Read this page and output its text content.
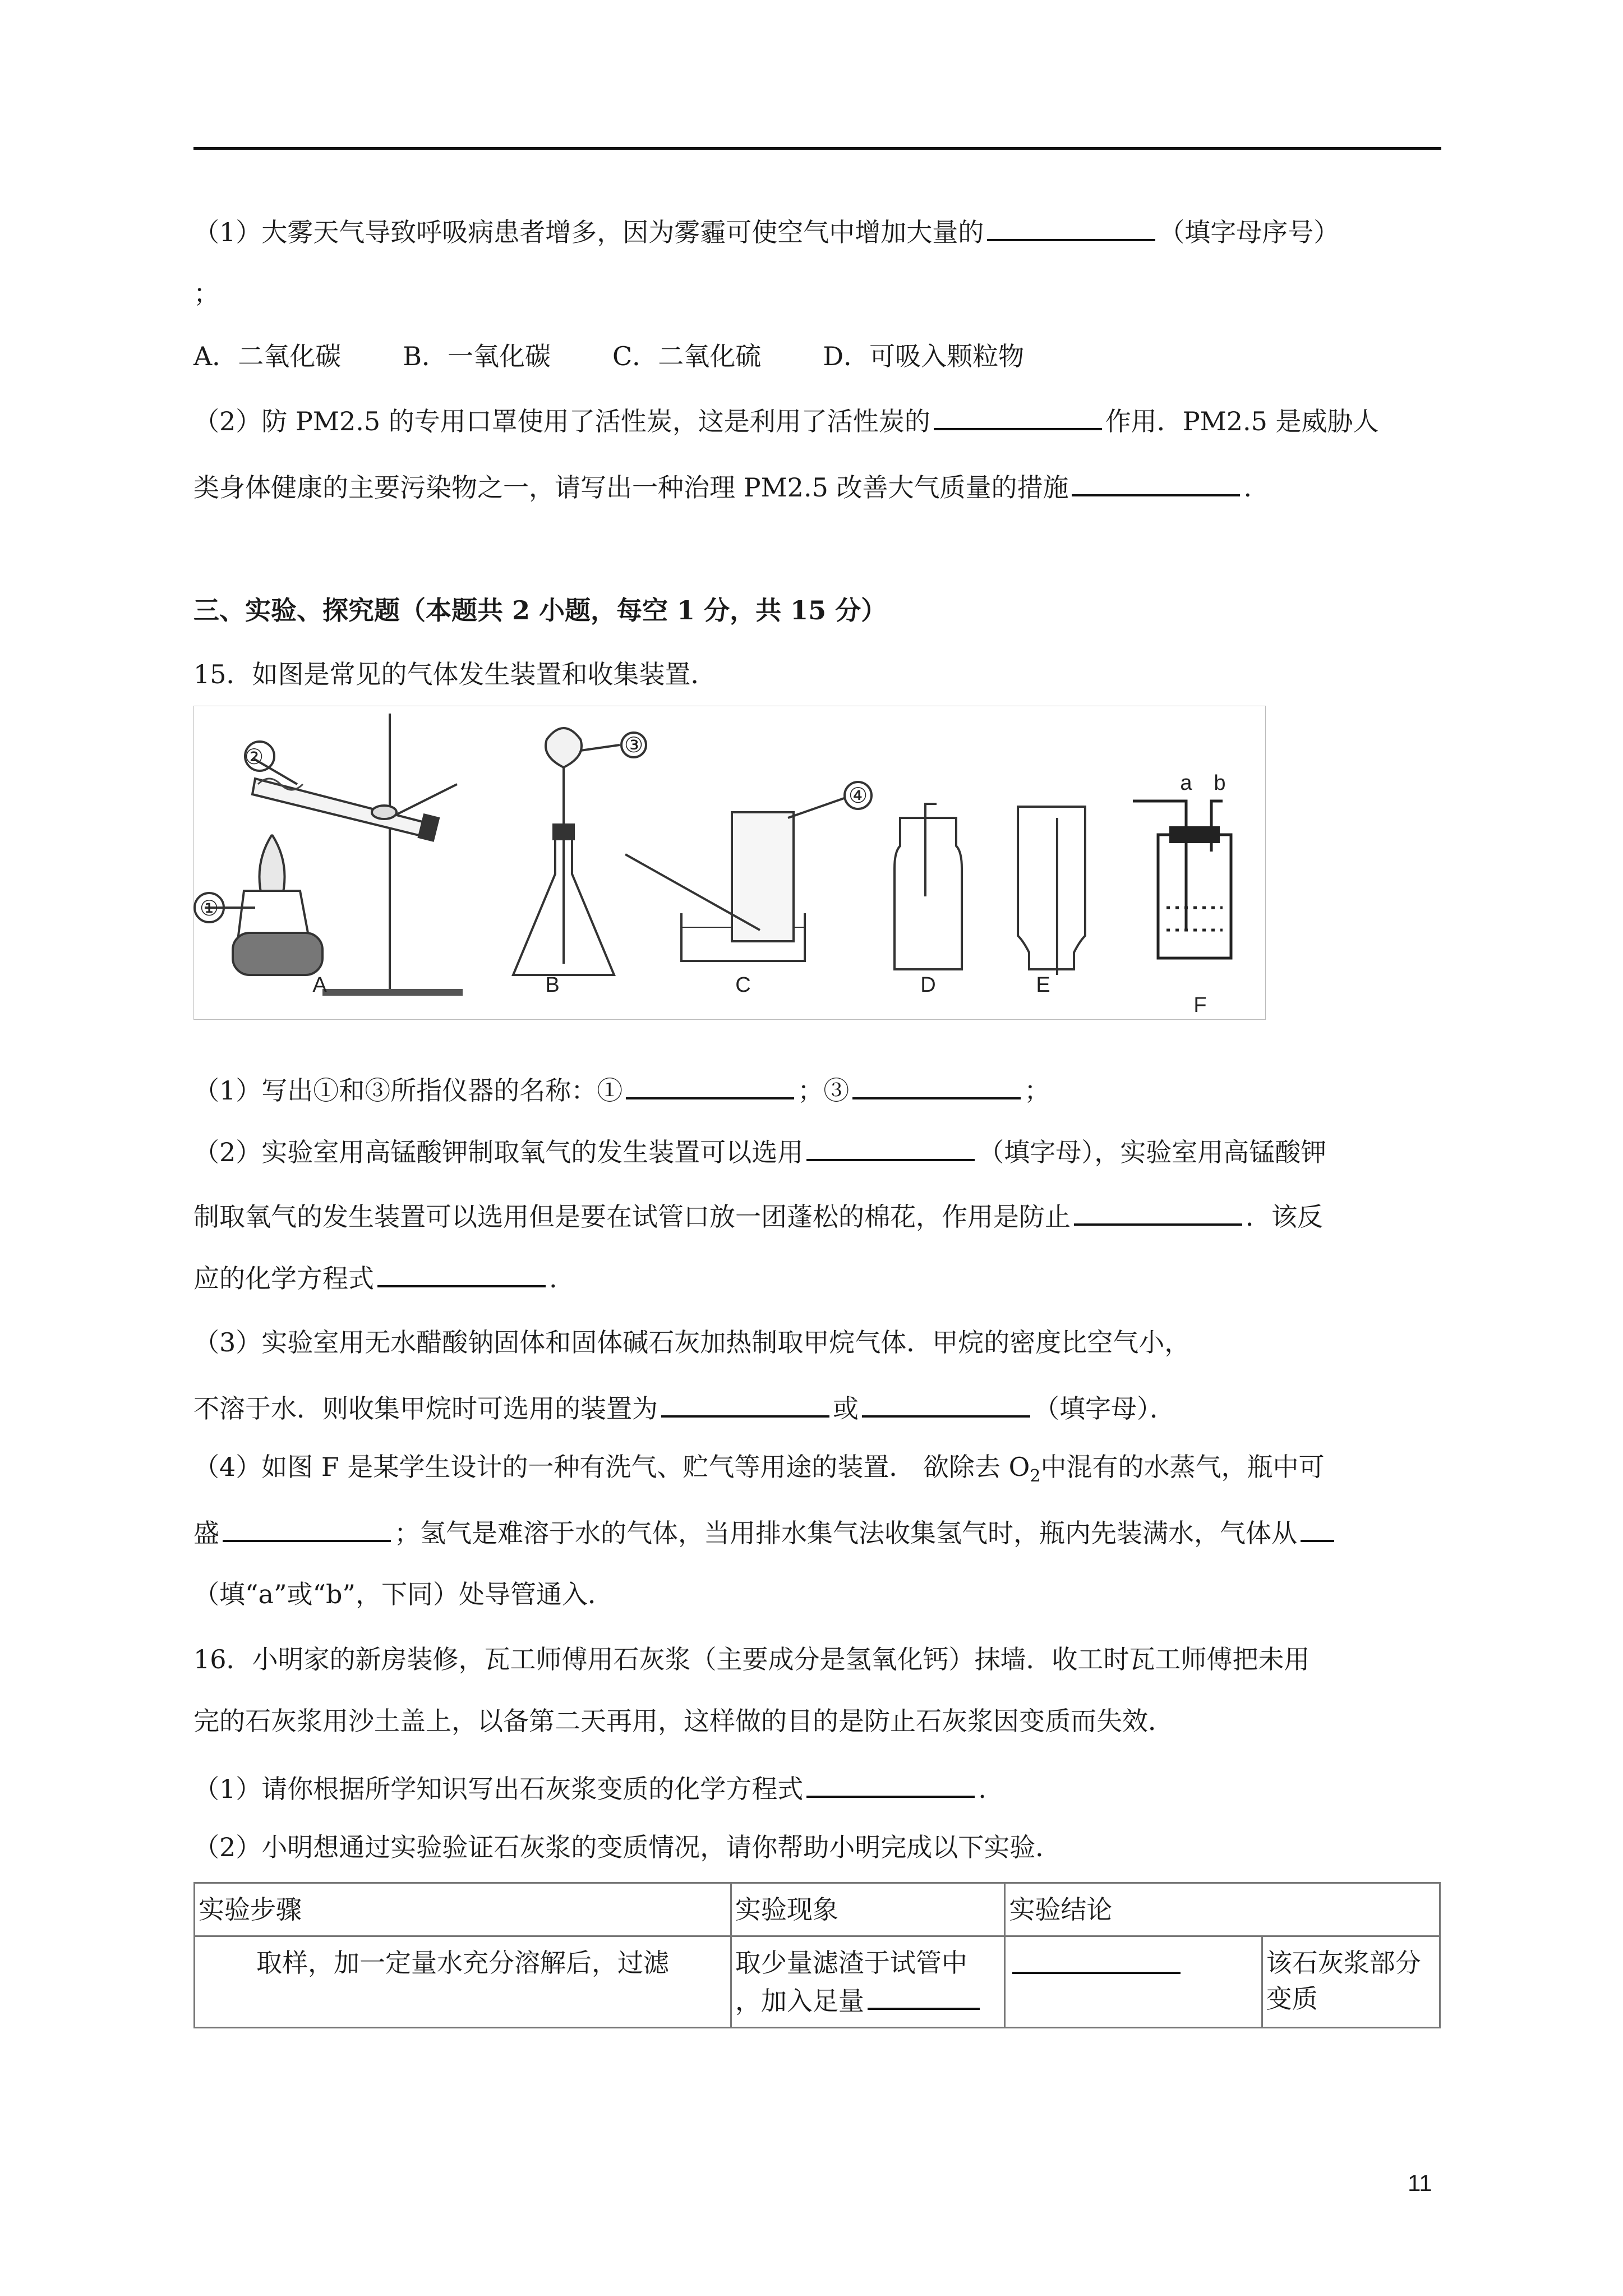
（1）大雾天气导致呼吸病患者增多，因为雾霾可使空气中增加大量的	（填字母序号）
；
A．二氧化碳 B．一氧化碳 C．二氧化硫 D．可吸入颗粒物
（2）防 PM2.5 的专用口罩使用了活性炭，这是利用了活性炭的	作用．PM2.5 是威胁人
类身体健康的主要污染物之一，请写出一种治理 PM2.5 改善大气质量的措施	.
三、实验、探究题（本题共 2 小题，每空 1 分，共 15 分）
15．如图是常见的气体发生装置和收集装置．
②
①
A
③
B
④
C	D	E
a b
F
（1）写出①和③所指仪器的名称：①	；③	；
（2）实验室用高锰酸钾制取氧气的发生装置可以选用	（填字母），实验室用高锰酸钾
制取氧气的发生装置可以选用但是要在试管口放一团蓬松的棉花，作用是防止	．该反
应的化学方程式	.
（3）实验室用无水醋酸钠固体和固体碱石灰加热制取甲烷气体．甲烷的密度比空气小，
不溶于水．则收集甲烷时可选用的装置为	或	（填字母）．
（4）如图 F 是某学生设计的一种有洗气、贮气等用途的装置． 欲除去 $O_2$中混有的水蒸气，瓶中可
盛	；氢气是难溶于水的气体，当用排水集气法收集氢气时，瓶内先装满水，气体从
（填“a”或“b”，下同）处导管通入．
16．小明家的新房装修，瓦工师傅用石灰浆（主要成分是氢氧化钙）抹墙．收工时瓦工师傅把未用
完的石灰浆用沙土盖上，以备第二天再用，这样做的目的是防止石灰浆因变质而失效．
（1）请你根据所学知识写出石灰浆变质的化学方程式	.
（2）小明想通过实验验证石灰浆的变质情况，请你帮助小明完成以下实验．
实验步骤	实验现象	实验结论	
取样，加一定量水充分溶解后，过滤	取少量滤渣于试管中
，加入足量		该石灰浆部分变质
11
